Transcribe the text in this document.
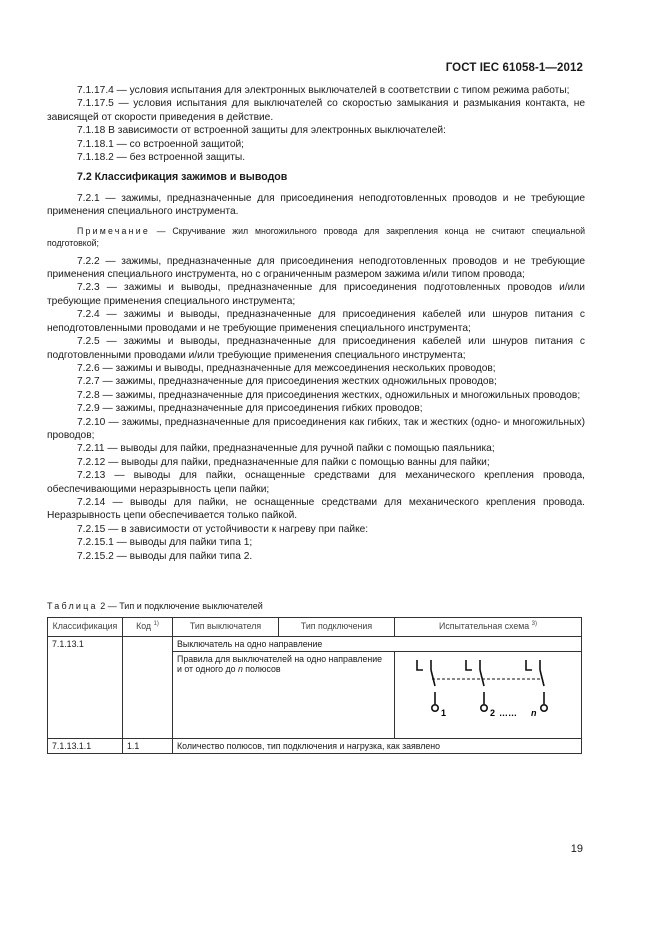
ГОСТ IEC 61058-1—2012

7.1.17.4 — условия испытания для электронных выключателей в соответствии с типом режима работы;

7.1.17.5 — условия испытания для выключателей со скоростью замыкания и размыкания контакта, не зависящей от скорости приведения в действие.

7.1.18 В зависимости от встроенной защиты для электронных выключателей:

7.1.18.1 — со встроенной защитой;

7.1.18.2 — без встроенной защиты.

7.2 Классификация зажимов и выводов

7.2.1 — зажимы, предназначенные для присоединения неподготовленных проводов и не требующие применения специального инструмента.

Примечание — Скручивание жил многожильного провода для закрепления конца не считают специальной подготовкой;

7.2.2 — зажимы, предназначенные для присоединения неподготовленных проводов и не требующие применения специального инструмента, но с ограниченным размером зажима и/или типом провода;

7.2.3 — зажимы и выводы, предназначенные для присоединения подготовленных проводов и/или требующие применения специального инструмента;

7.2.4 — зажимы и выводы, предназначенные для присоединения кабелей или шнуров питания с неподготовленными проводами и не требующие применения специального инструмента;

7.2.5 — зажимы и выводы, предназначенные для присоединения кабелей или шнуров питания с подготовленными проводами и/или требующие применения специального инструмента;

7.2.6 — зажимы и выводы, предназначенные для межсоединения нескольких проводов;

7.2.7 — зажимы, предназначенные для присоединения жестких одножильных проводов;

7.2.8 — зажимы, предназначенные для присоединения жестких, одножильных и многожильных проводов;

7.2.9 — зажимы, предназначенные для присоединения гибких проводов;

7.2.10 — зажимы, предназначенные для присоединения как гибких, так и жестких (одно- и многожильных) проводов;

7.2.11 — выводы для пайки, предназначенные для ручной пайки с помощью паяльника;

7.2.12 — выводы для пайки, предназначенные для пайки с помощью ванны для пайки;

7.2.13 — выводы для пайки, оснащенные средствами для механического крепления провода, обеспечивающими неразрывность цепи пайки;

7.2.14 — выводы для пайки, не оснащенные средствами для механического крепления провода. Неразрывность цепи обеспечивается только пайкой.

7.2.15 — в зависимости от устойчивости к нагреву при пайке:

7.2.15.1 — выводы для пайки типа 1;

7.2.15.2 — выводы для пайки типа 2.

Таблица 2 — Тип и подключение выключателей
Классификация	Код $^{1)}$	Тип выключателя	Тип подключения	Испытательная схема $^{3)}$
7.1.13.1		Выключатель на одно направление		
		Правила для выключателей на одно направление и от одного до n полюсов		1 2 …… n

7.1.13.1.1	1.1	Количество полюсов, тип подключения и нагрузка, как заявлено		
19
